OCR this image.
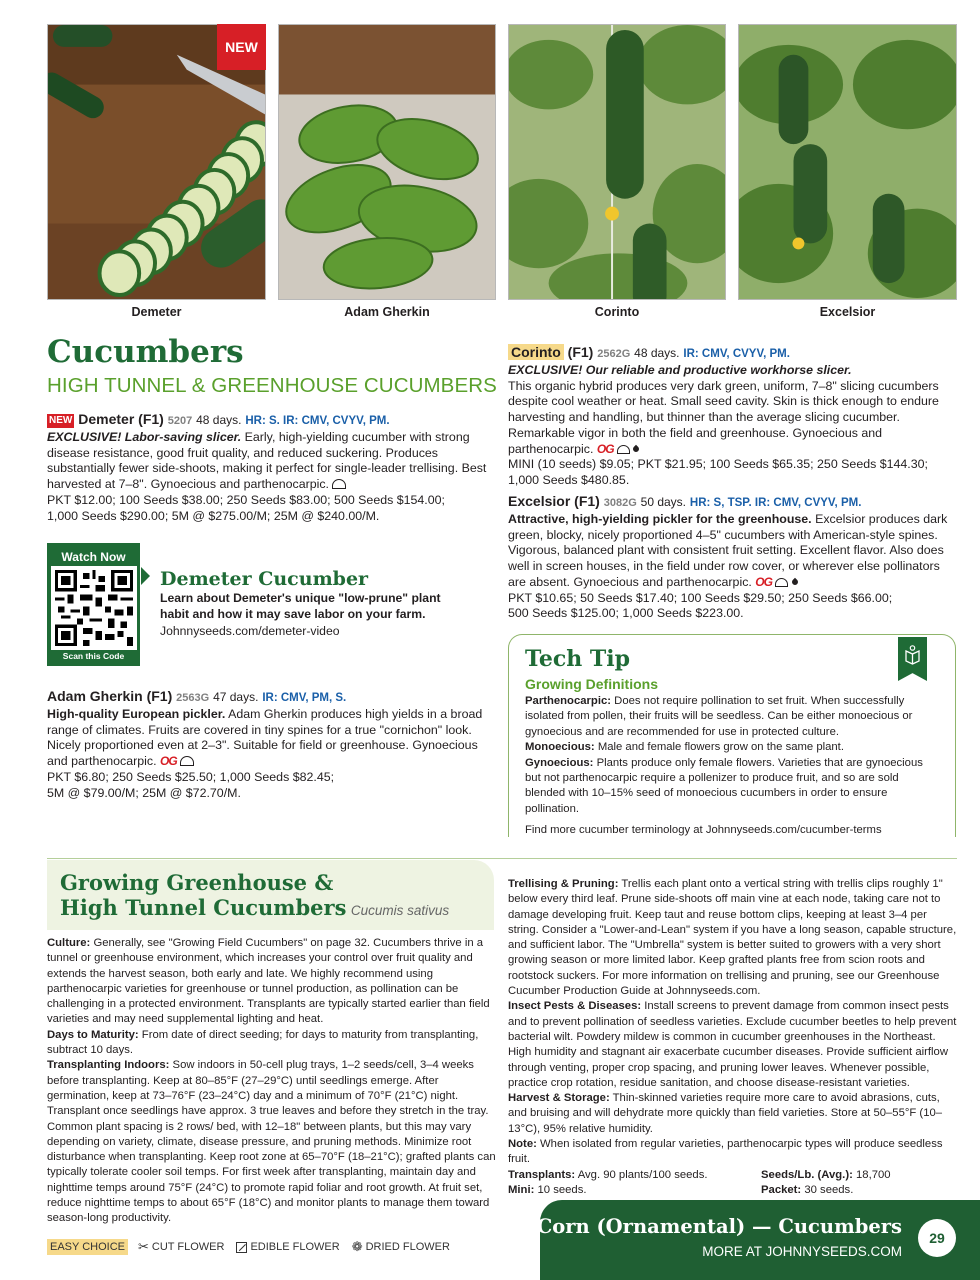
NEW
Demeter	Adam Gherkin	Corinto	Excelsior
Cucumbers
HIGH TUNNEL & GREENHOUSE CUCUMBERS
NEW Demeter (F1) 5207 48 days. HR: S. IR: CMV, CVYV, PM.
EXCLUSIVE! Labor-saving slicer. Early, high-yielding cucumber with strong disease resistance, good fruit quality, and reduced suckering. Produces substantially fewer side-shoots, making it perfect for single-leader trellising. Best harvested at 7–8". Gynoecious and parthenocarpic.

PKT $12.00; 100 Seeds $38.00; 250 Seeds $83.00; 500 Seeds $154.00;

1,000 Seeds $290.00; 5M @ $275.00/M; 25M @ $240.00/M.

Watch Now
Scan this Code
Demeter Cucumber
Learn about Demeter's unique "low-prune" plant habit and how it may save labor on your farm.
Johnnyseeds.com/demeter-video
Adam Gherkin (F1) 2563G 47 days. IR: CMV, PM, S.
High-quality European pickler. Adam Gherkin produces high yields in a broad range of climates. Fruits are covered in tiny spines for a true "cornichon" look. Nicely proportioned even at 2–3". Suitable for field or greenhouse. Gynoecious and parthenocarpic. OG

PKT $6.80; 250 Seeds $25.50; 1,000 Seeds $82.45;

5M @ $79.00/M; 25M @ $72.70/M.

Corinto (F1) 2562G 48 days. IR: CMV, CVYV, PM.

EXCLUSIVE! Our reliable and productive workhorse slicer.

This organic hybrid produces very dark green, uniform, 7–8" slicing cucumbers despite cool weather or heat. Small seed cavity. Skin is thick enough to endure harvesting and handling, but thinner than the average slicing cucumber. Remarkable vigor in both the field and greenhouse. Gynoecious and parthenocarpic. OG

MINI (10 seeds) $9.05; PKT $21.95; 100 Seeds $65.35; 250 Seeds $144.30;

1,000 Seeds $480.85.

Excelsior (F1) 3082G 50 days. HR: S, TSP. IR: CMV, CVYV, PM.
Attractive, high-yielding pickler for the greenhouse. Excelsior produces dark green, blocky, nicely proportioned 4–5" cucumbers with American-style spines. Vigorous, balanced plant with consistent fruit setting. Excellent flavor. Also does well in screen houses, in the field under row cover, or wherever else pollinators are absent. Gynoecious and parthenocarpic. OG

PKT $10.65; 50 Seeds $17.40; 100 Seeds $29.50; 250 Seeds $66.00;

500 Seeds $125.00; 1,000 Seeds $223.00.

Tech Tip
Growing Definitions

Parthenocarpic: Does not require pollination to set fruit. When successfully isolated from pollen, their fruits will be seedless. Can be either monoecious or gynoecious and are recommended for use in protected culture.

Monoecious: Male and female flowers grow on the same plant.

Gynoecious: Plants produce only female flowers. Varieties that are gynoecious but not parthenocarpic require a pollenizer to produce fruit, and so are sold blended with 10–15% seed of monoecious cucumbers in order to ensure pollination.

Find more cucumber terminology at Johnnyseeds.com/cucumber-terms

Growing Greenhouse &
High Tunnel Cucumbers Cucumis sativus

Culture: Generally, see "Growing Field Cucumbers" on page 32. Cucumbers thrive in a tunnel or greenhouse environment, which increases your control over fruit quality and extends the harvest season, both early and late. We highly recommend using parthenocarpic varieties for greenhouse or tunnel production, as pollination can be challenging in a protected environment. Transplants are typically started earlier than field varieties and may need supplemental lighting and heat.

Days to Maturity: From date of direct seeding; for days to maturity from transplanting, subtract 10 days.

Transplanting Indoors: Sow indoors in 50-cell plug trays, 1–2 seeds/cell, 3–4 weeks before transplanting. Keep at 80–85°F (27–29°C) until seedlings emerge. After germination, keep at 73–76°F (23–24°C) day and a minimum of 70°F (21°C) night. Transplant once seedlings have approx. 3 true leaves and before they stretch in the tray. Common plant spacing is 2 rows/ bed, with 12–18" between plants, but this may vary depending on variety, climate, disease pressure, and pruning methods. Minimize root disturbance when transplanting. Keep root zone at 65–70°F (18–21°C); grafted plants can typically tolerate cooler soil temps. For first week after transplanting, maintain day and nighttime temps around 75°F (24°C) to promote rapid foliar and root growth. At fruit set, reduce nighttime temps to about 65°F (18°C) and monitor plants to manage them toward season-long productivity.

Trellising & Pruning: Trellis each plant onto a vertical string with trellis clips roughly 1" below every third leaf. Prune side-shoots off main vine at each node, taking care not to damage developing fruit. Keep taut and reuse bottom clips, keeping at least 3–4 per string. Consider a "Lower-and-Lean" system if you have a long season, capable structure, and sufficient labor. The "Umbrella" system is better suited to growers with a very short growing season or more limited labor. Keep grafted plants free from scion roots and rootstock suckers. For more information on trellising and pruning, see our Greenhouse Cucumber Production Guide at Johnnyseeds.com.

Insect Pests & Diseases: Install screens to prevent damage from common insect pests and to prevent pollination of seedless varieties. Exclude cucumber beetles to help prevent bacterial wilt. Powdery mildew is common in cucumber greenhouses in the Northeast. High humidity and stagnant air exacerbate cucumber diseases. Provide sufficient airflow through venting, proper crop spacing, and pruning lower leaves. Whenever possible, practice crop rotation, residue sanitation, and choose disease-resistant varieties.

Harvest & Storage: Thin-skinned varieties require more care to avoid abrasions, cuts, and bruising and will dehydrate more quickly than field varieties. Store at 50–55°F (10–13°C), 95% relative humidity.

Note: When isolated from regular varieties, parthenocarpic types will produce seedless fruit.

Transplants: Avg. 90 plants/100 seeds.

Mini: 10 seeds.

Seeds/Lb. (Avg.): 18,700

Packet: 30 seeds.

EASY CHOICE ✂ CUT FLOWER EDIBLE FLOWER ❁ DRIED FLOWER
Corn (Ornamental) — Cucumbers
MORE AT JOHNNYSEEDS.COM
29
